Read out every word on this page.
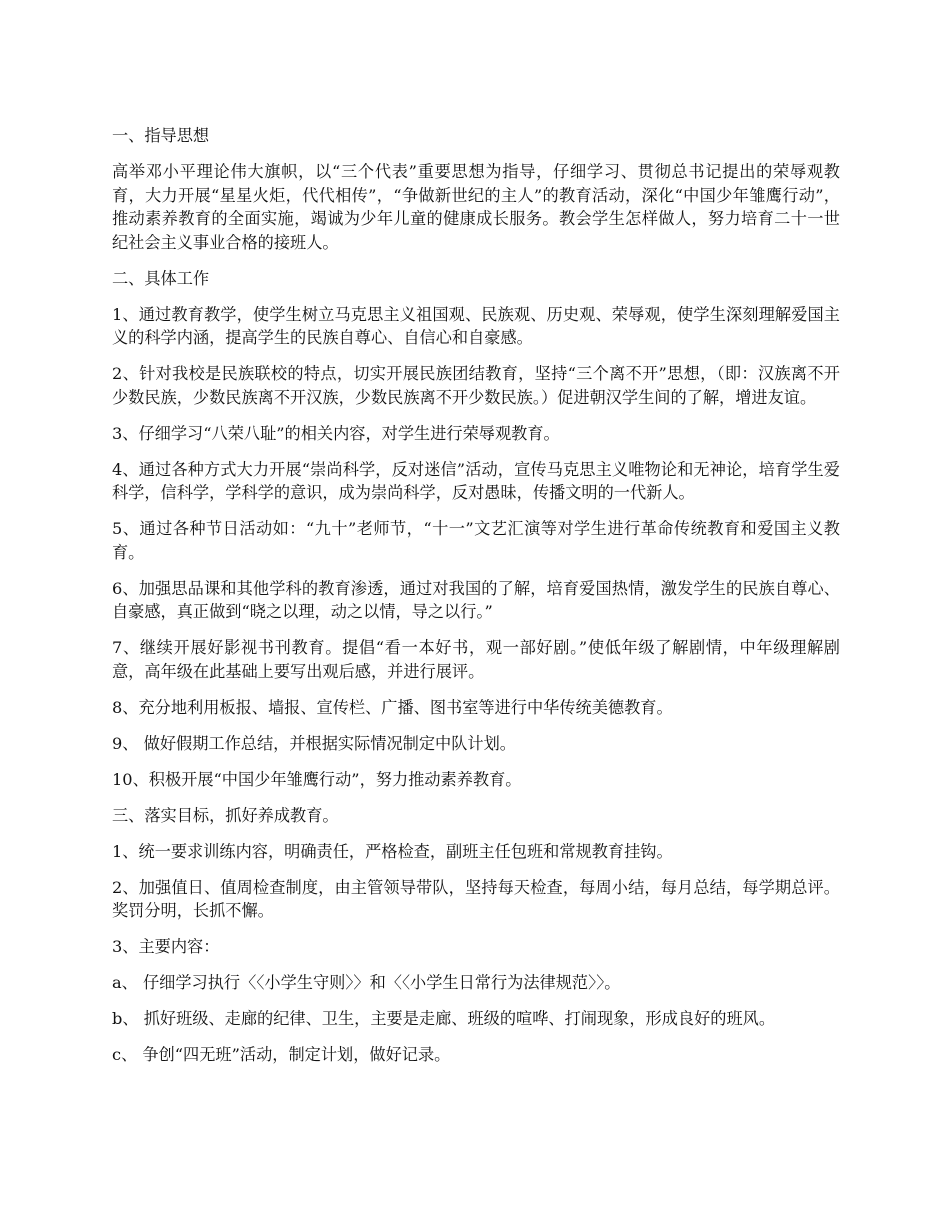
一、指导思想

高举邓小平理论伟大旗帜，以“三个代表”重要思想为指导，仔细学习、贯彻总书记提出的荣辱观教育，大力开展“星星火炬，代代相传”，“争做新世纪的主人”的教育活动，深化“中国少年雏鹰行动”，推动素养教育的全面实施，竭诚为少年儿童的健康成长服务。教会学生怎样做人，努力培育二十一世纪社会主义事业合格的接班人。

二、具体工作

1、通过教育教学，使学生树立马克思主义祖国观、民族观、历史观、荣辱观，使学生深刻理解爱国主义的科学内涵，提高学生的民族自尊心、自信心和自豪感。

2、针对我校是民族联校的特点，切实开展民族团结教育，坚持“三个离不开”思想，（即：汉族离不开少数民族，少数民族离不开汉族，少数民族离不开少数民族。）促进朝汉学生间的了解，增进友谊。

3、仔细学习“八荣八耻”的相关内容，对学生进行荣辱观教育。

4、通过各种方式大力开展“崇尚科学，反对迷信”活动，宣传马克思主义唯物论和无神论，培育学生爱科学，信科学，学科学的意识，成为崇尚科学，反对愚昧，传播文明的一代新人。

5、通过各种节日活动如：“九十”老师节，“十一”文艺汇演等对学生进行革命传统教育和爱国主义教育。

6、加强思品课和其他学科的教育渗透，通过对我国的了解，培育爱国热情，激发学生的民族自尊心、自豪感，真正做到“晓之以理，动之以情，导之以行。”

7、继续开展好影视书刊教育。提倡“看一本好书，观一部好剧。”使低年级了解剧情，中年级理解剧意，高年级在此基础上要写出观后感，并进行展评。

8、充分地利用板报、墙报、宣传栏、广播、图书室等进行中华传统美德教育。

9、 做好假期工作总结，并根据实际情况制定中队计划。

10、积极开展“中国少年雏鹰行动”，努力推动素养教育。

三、落实目标，抓好养成教育。

1、统一要求训练内容，明确责任，严格检查，副班主任包班和常规教育挂钩。

2、加强值日、值周检查制度，由主管领导带队，坚持每天检查，每周小结，每月总结，每学期总评。奖罚分明，长抓不懈。

3、主要内容：

a、 仔细学习执行〈〈小学生守则〉〉和〈〈小学生日常行为法律规范〉〉。

b、 抓好班级、走廊的纪律、卫生，主要是走廊、班级的喧哗、打闹现象，形成良好的班风。

c、 争创“四无班”活动，制定计划，做好记录。
